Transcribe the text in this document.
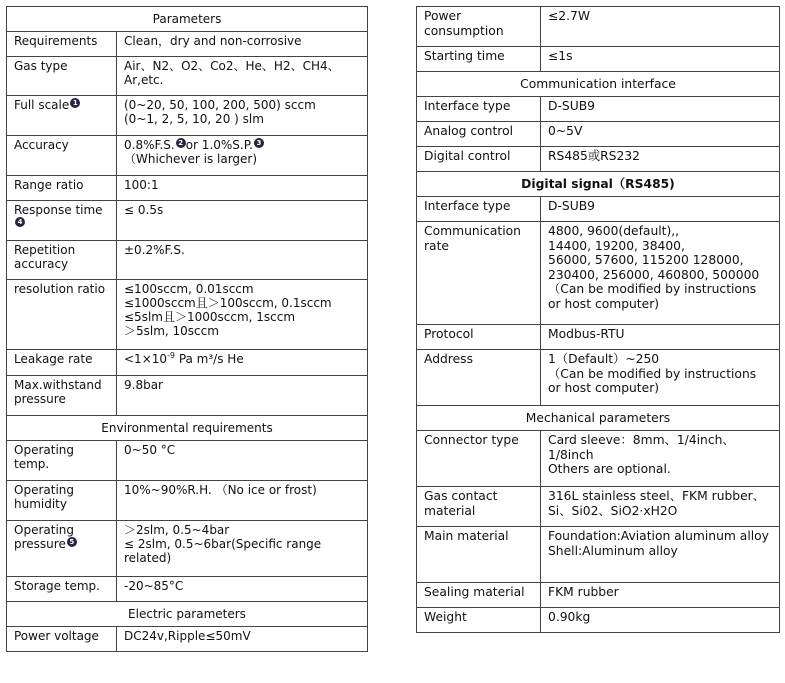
Parameters	
Requirements	Clean，dry and non-corrosive
Gas type	Air、N2、O2、Co2、He、H2、CH4、Ar,etc.
Full scale 1	(0~20, 50, 100, 200, 500) sccm
(0~1, 2, 5, 10, 20 ) slm
Accuracy	0.8%F.S. 2 or 1.0%S.P. 3
（Whichever is larger)
Range ratio	100:1
Response time4	≤ 0.5s
Repetition accuracy	±0.2%F.S.
resolution ratio	≤100sccm, 0.01sccm
≤1000sccm且＞100sccm, 0.1sccm
≤5slm且＞1000sccm, 1sccm
＞5slm, 10sccm
Leakage rate	$<1\times 10^{-9}$ Pa m³/s He
Max.withstand pressure	9.8bar
Environmental requirements	
Operating temp.	0~50 °C
Operating humidity	10%~90%R.H. （No ice or frost)
Operating pressure 5	＞2slm, 0.5~4bar
≤ 2slm, 0.5~6bar(Specific range related)
Storage temp.	-20~85°C
Electric parameters	
Power voltage	DC24v,Ripple≤50mV
Power consumption	≤2.7W
Starting time	≤1s
Communication interface	
Interface type	D-SUB9
Analog control	0~5V
Digital control	RS485或RS232
Digital signal（RS485)	
Interface type	D-SUB9
Communication rate	4800, 9600(default),,
14400, 19200, 38400,
56000, 57600, 115200 128000,
230400, 256000, 460800, 500000
（Can be modified by instructions or host computer)
Protocol	Modbus-RTU
Address	1（Default）~250
（Can be modified by instructions or host computer)
Mechanical parameters	
Connector type	Card sleeve：8mm、1/4inch、1/8inch
Others are optional.
Gas contact material	316L stainless steel、FKM rubber、Si、Si02、SiO2·xH2O
Main material	Foundation:Aviation aluminum alloy
Shell:Aluminum alloy
Sealing material	FKM rubber
Weight	0.90kg
